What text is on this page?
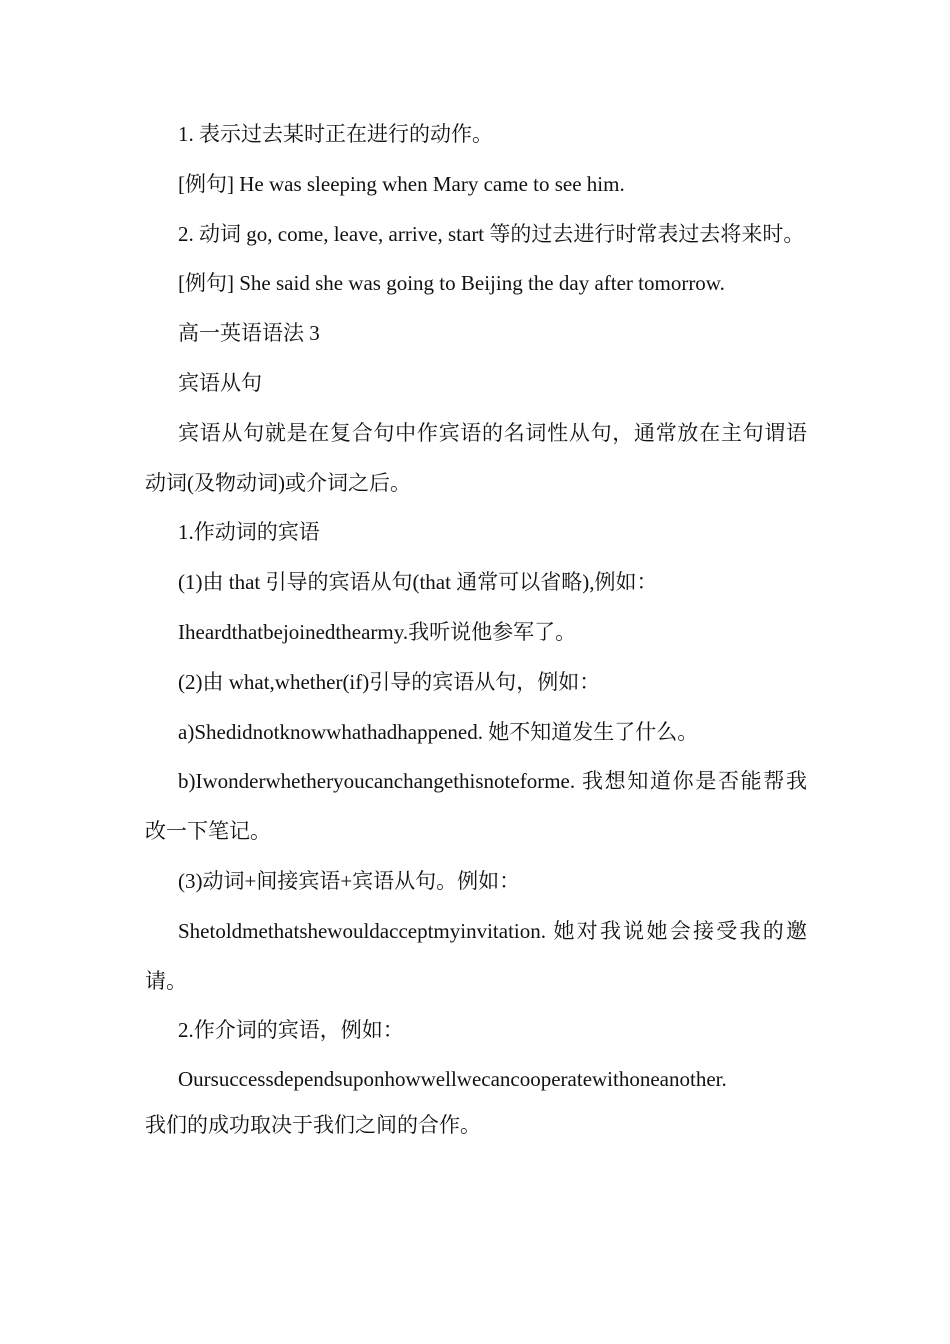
1. 表示过去某时正在进行的动作。

[例句] He was sleeping when Mary came to see him.

2. 动词 go, come, leave, arrive, start 等的过去进行时常表过去将来时。

[例句] She said she was going to Beijing the day after tomorrow.

高一英语语法 3

宾语从句

宾语从句就是在复合句中作宾语的名词性从句，通常放在主句谓语动词(及物动词)或介词之后。

1.作动词的宾语

(1)由 that 引导的宾语从句(that 通常可以省略),例如：

Iheardthatbejoinedthearmy.我听说他参军了。

(2)由 what,whether(if)引导的宾语从句，例如：

a)Shedidnotknowwhathadhappened. 她不知道发生了什么。

b)Iwonderwhetheryoucanchangethisnoteforme. 我想知道你是否能帮我改一下笔记。

(3)动词+间接宾语+宾语从句。例如：

Shetoldmethatshewouldacceptmyinvitation. 她对我说她会接受我的邀请。

2.作介词的宾语，例如：

Oursuccessdependsuponhowwellwecancooperatewithoneanother.

我们的成功取决于我们之间的合作。
